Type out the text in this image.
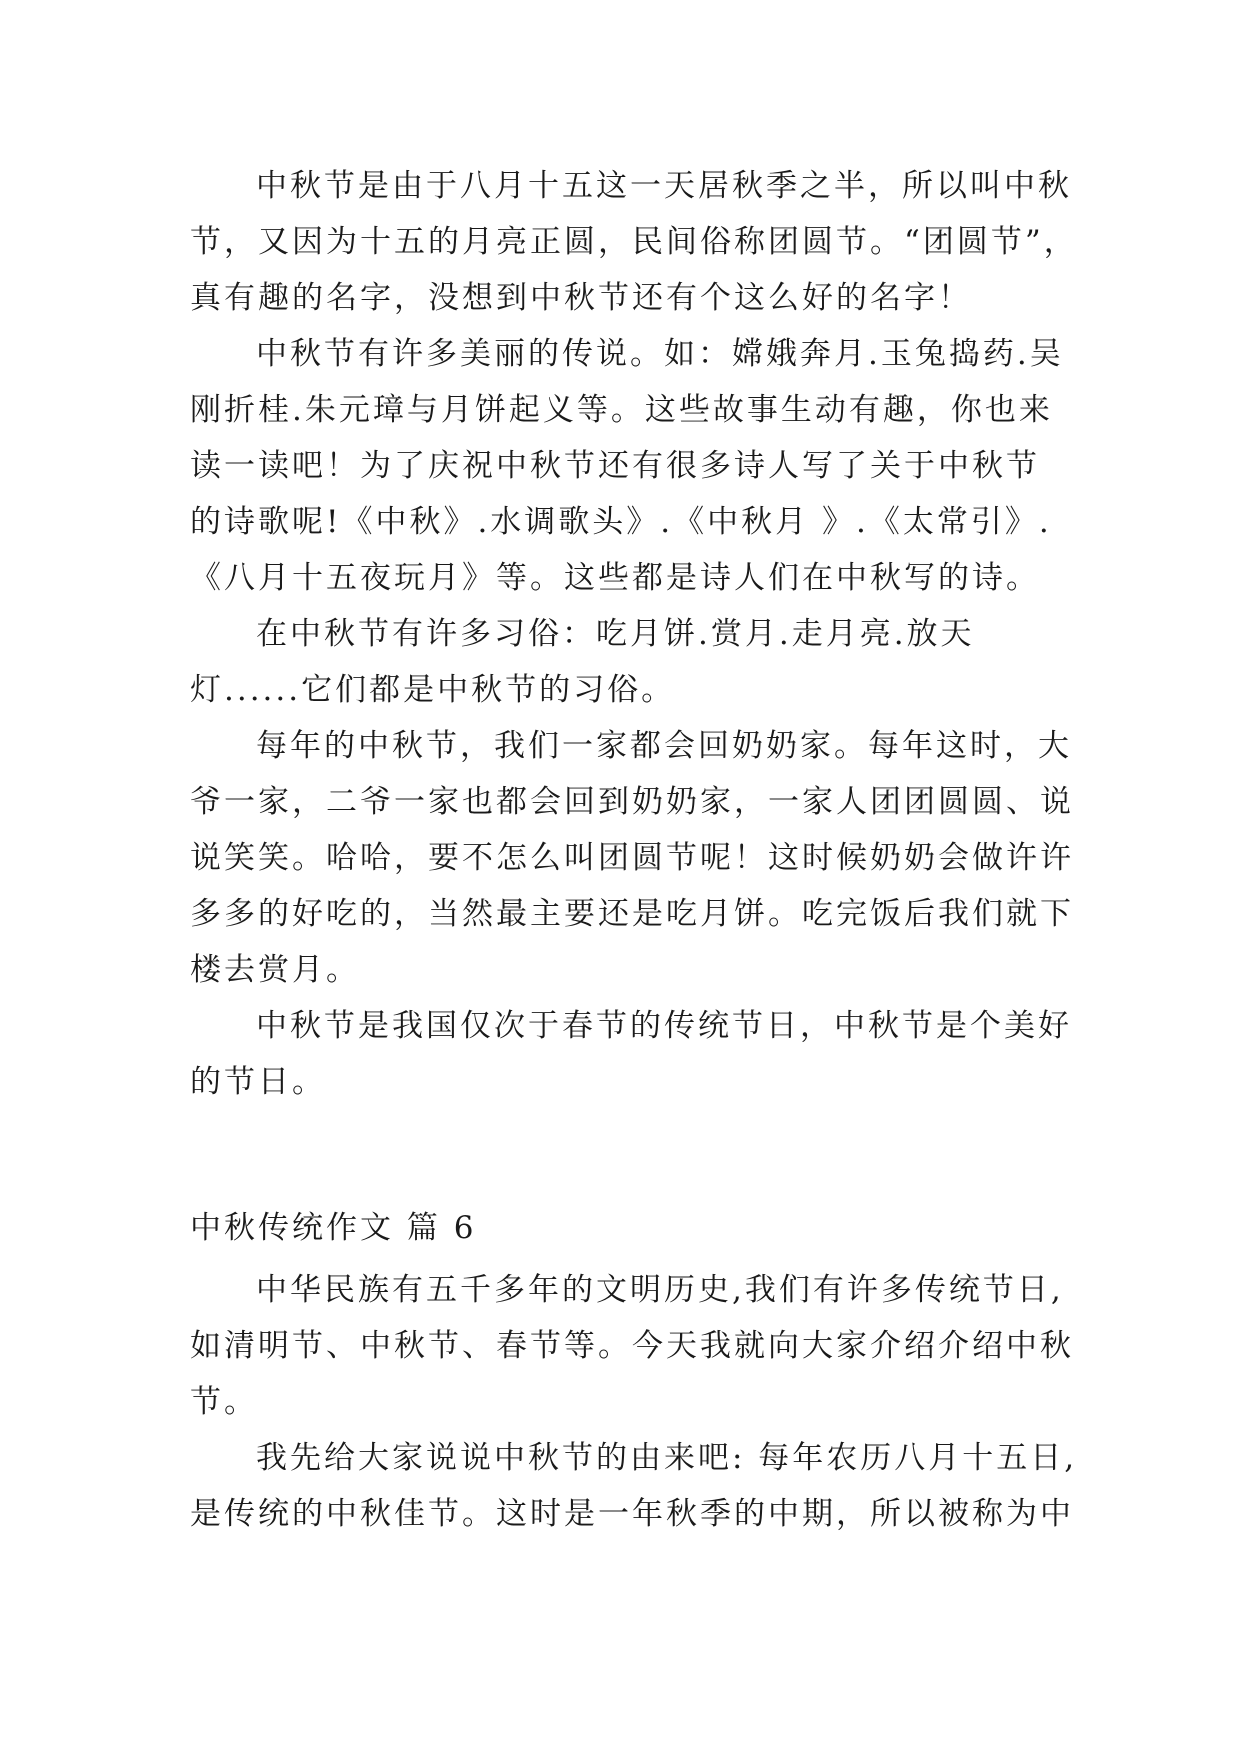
中秋节是由于八月十五这一天居秋季之半，所以叫中秋
节，又因为十五的月亮正圆，民间俗称团圆节。“团圆节”，
真有趣的名字，没想到中秋节还有个这么好的名字！

中秋节有许多美丽的传说。如：嫦娥奔月.玉兔捣药.吴
刚折桂.朱元璋与月饼起义等。这些故事生动有趣，你也来
读一读吧！为了庆祝中秋节还有很多诗人写了关于中秋节
的诗歌呢!《中秋》.水调歌头》.《中秋月 》.《太常引》.
《八月十五夜玩月》等。这些都是诗人们在中秋写的诗。

在中秋节有许多习俗：吃月饼.赏月.走月亮.放天
灯......它们都是中秋节的习俗。

每年的中秋节，我们一家都会回奶奶家。每年这时，大
爷一家，二爷一家也都会回到奶奶家，一家人团团圆圆、说
说笑笑。哈哈，要不怎么叫团圆节呢！这时候奶奶会做许许
多多的好吃的，当然最主要还是吃月饼。吃完饭后我们就下
楼去赏月。

中秋节是我国仅次于春节的传统节日，中秋节是个美好
的节日。

中秋传统作文 篇 6

中华民族有五千多年的文明历史,我们有许多传统节日,
如清明节、中秋节、春节等。今天我就向大家介绍介绍中秋
节。

我先给大家说说中秋节的由来吧: 每年农历八月十五日,
是传统的中秋佳节。这时是一年秋季的中期，所以被称为中
